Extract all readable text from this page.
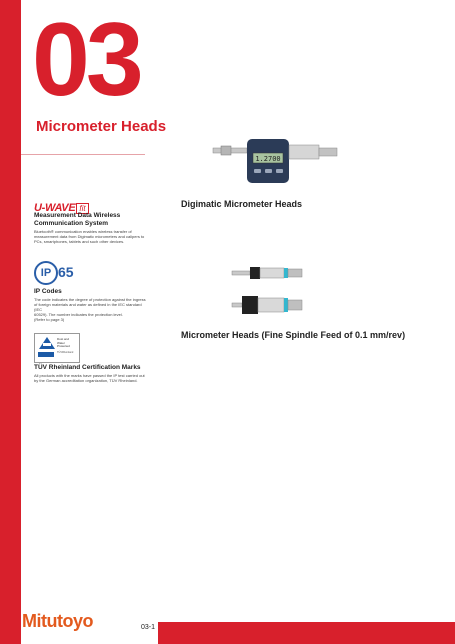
03
Micrometer Heads
U-WAVE fit
Measurement Data Wireless
Communication System
Bluetooth® communication enables wireless transfer of
measurement data from Digimatic micrometers and calipers to
PCs, smartphones, tablets and such other devices.
IP 65
IP Codes
The code indicates the degree of protection against the ingress
of foreign materials and water as defined in the IEC standard (IEC
60529). The number indicates the protection level.
(Refer to page 3)
Dust and
Water
Protected
TÜVRheinland
TÜV Rheinland Certification Marks
All products with the marks have passed the IP test carried out
by the German accreditation organization, TÜV Rheinland.
1.2700
Digimatic Micrometer Heads
Micrometer Heads (Fine Spindle Feed of 0.1 mm/rev)
Mitutoyo	03-1
